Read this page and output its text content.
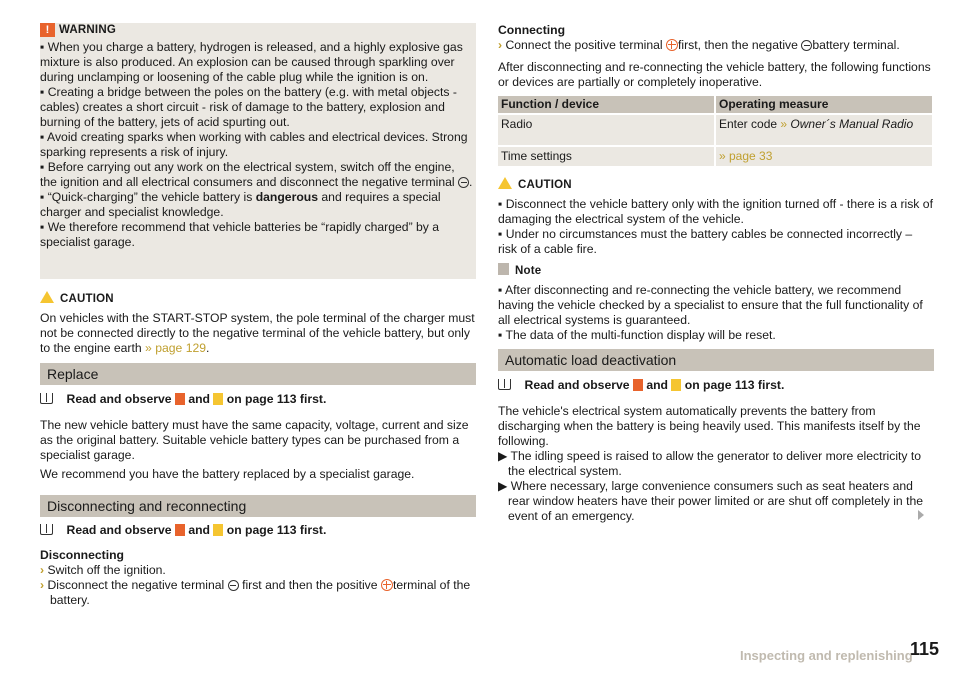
! WARNING

▪ When you charge a battery, hydrogen is released, and a highly explosive gas mixture is also produced. An explosion can be caused through sparkling over during unclamping or loosening of the cable plug while the ignition is on.

▪ Creating a bridge between the poles on the battery (e.g. with metal objects - cables) creates a short circuit - risk of damage to the battery, explosion and burning of the battery, jets of acid spurting out.

▪ Avoid creating sparks when working with cables and electrical devices. Strong sparking represents a risk of injury.

▪ Before carrying out any work on the electrical system, switch off the engine, the ignition and all electrical consumers and disconnect the negative terminal .

▪ “Quick-charging” the vehicle battery is dangerous and requires a special charger and specialist knowledge.

▪ We therefore recommend that vehicle batteries be “rapidly charged” by a specialist garage.

CAUTION

On vehicles with the START-STOP system, the pole terminal of the charger must not be connected directly to the negative terminal of the vehicle battery, but only to the engine earth » page 129.

Replace
Read and observe and on page 113 first.

The new vehicle battery must have the same capacity, voltage, current and size as the original battery. Suitable vehicle battery types can be purchased from a specialist garage.

We recommend you have the battery replaced by a specialist garage.

Disconnecting and reconnecting
Read and observe and on page 113 first.

Disconnecting

› Switch off the ignition.

› Disconnect the negative terminal first and then the positive terminal of the battery.

Connecting

› Connect the positive terminal first, then the negative battery terminal.

After disconnecting and re-connecting the vehicle battery, the following functions or devices are partially or completely inoperative.

Function / device	Operating measure
Radio	Enter code » Owner´s Manual Radio
Time settings	» page 33
CAUTION

▪ Disconnect the vehicle battery only with the ignition turned off - there is a risk of damaging the electrical system of the vehicle.

▪ Under no circumstances must the battery cables be connected incorrectly – risk of a cable fire.

Note

▪ After disconnecting and re-connecting the vehicle battery, we recommend having the vehicle checked by a specialist to ensure that the full functionality of all electrical systems is guaranteed.

▪ The data of the multi-function display will be reset.

Automatic load deactivation
Read and observe and on page 113 first.

The vehicle's electrical system automatically prevents the battery from discharging when the battery is being heavily used. This manifests itself by the following.

▶ The idling speed is raised to allow the generator to deliver more electricity to the electrical system.

▶ Where necessary, large convenience consumers such as seat heaters and rear window heaters have their power limited or are shut off completely in the event of an emergency.

Inspecting and replenishing
115
